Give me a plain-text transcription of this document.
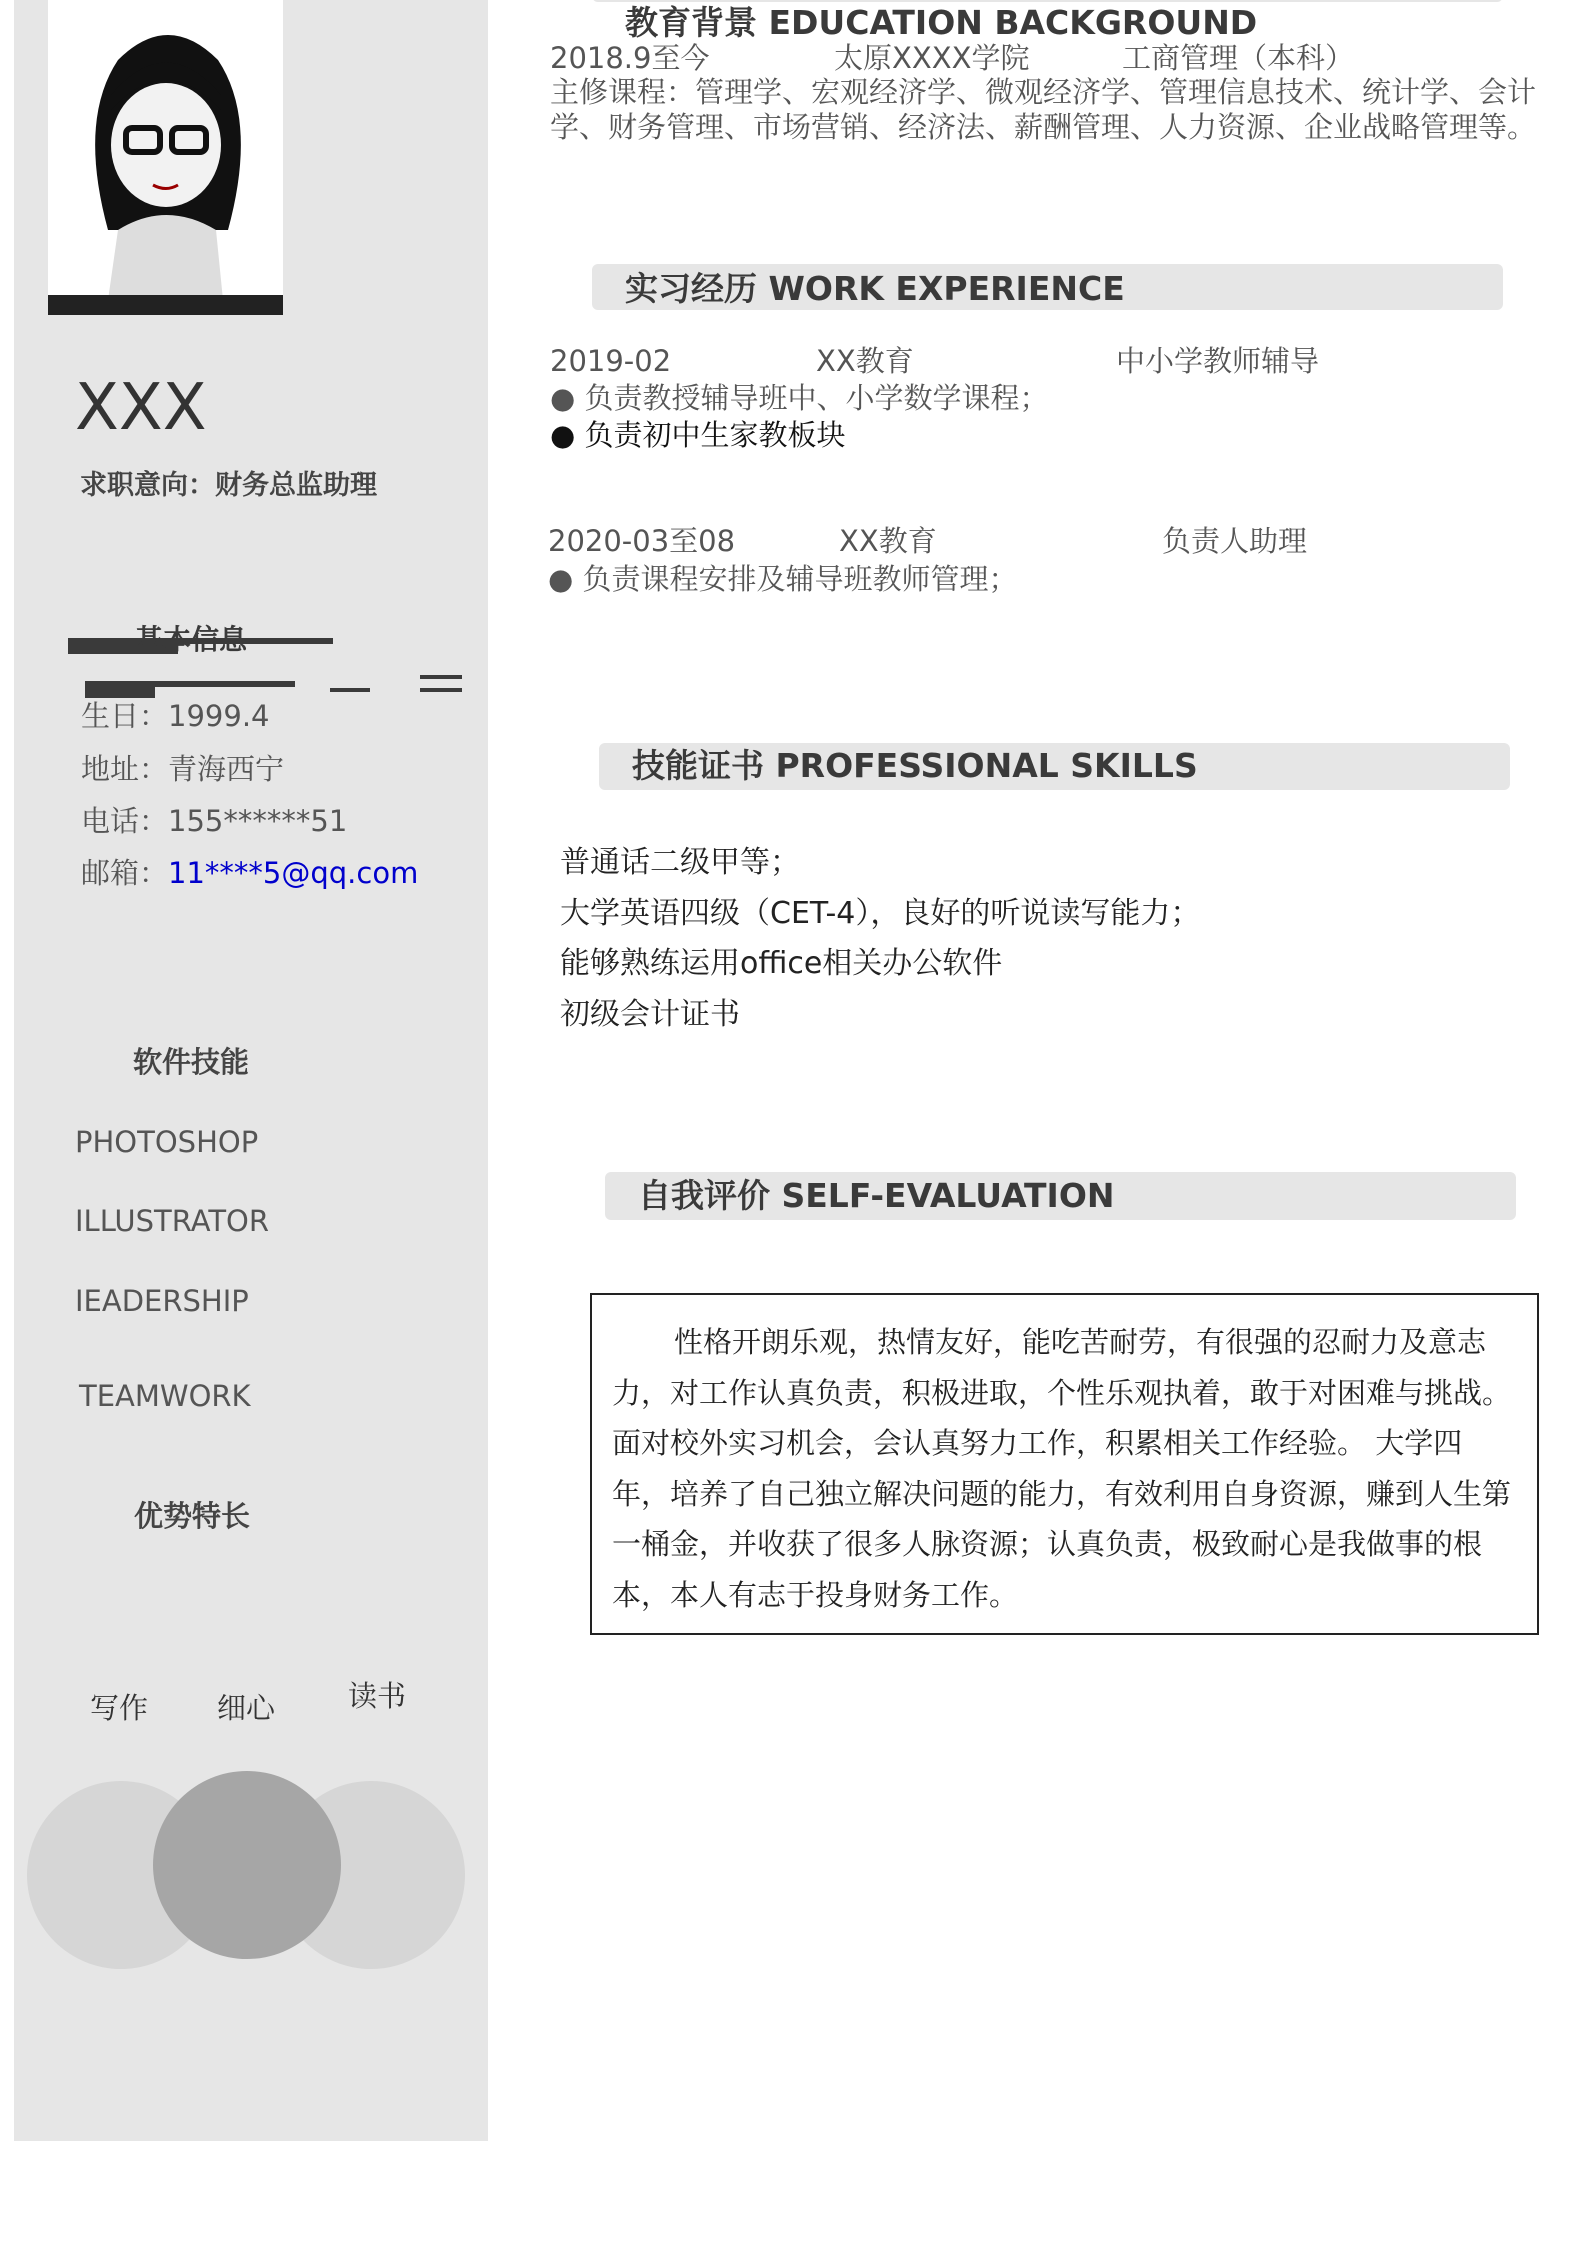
XXX
求职意向：财务总监助理
基本信息
生日：1999.4
地址：青海西宁
电话：155******51
邮箱：11****5@qq.com
软件技能
PHOTOSHOP
ILLUSTRATOR
IEADERSHIP
TEAMWORK
优势特长
写作 细心	读书
教育背景 EDUCATION BACKGROUND
2018.9至今	太原XXXX学院	工商管理（本科）
主修课程：管理学、宏观经济学、微观经济学、管理信息技术、统计学、会计
学、财务管理、市场营销、经济法、薪酬管理、人力资源、企业战略管理等。
实习经历 WORK EXPERIENCE
2019-02	XX教育	中小学教师辅导
● 负责教授辅导班中、小学数学课程；
● 负责初中生家教板块
2020-03至08	XX教育	负责人助理
● 负责课程安排及辅导班教师管理；
技能证书 PROFESSIONAL SKILLS
普通话二级甲等；
大学英语四级（CET-4），良好的听说读写能力；
能够熟练运用office相关办公软件
初级会计证书
自我评价 SELF-EVALUATION

性格开朗乐观，热情友好，能吃苦耐劳，有很强的忍耐力及意志力，对工作认真负责，积极进取，个性乐观执着，敢于对困难与挑战。面对校外实习机会，会认真努力工作，积累相关工作经验。 大学四年，培养了自己独立解决问题的能力，有效利用自身资源，赚到人生第一桶金，并收获了很多人脉资源；认真负责，极致耐心是我做事的根本，本人有志于投身财务工作。
